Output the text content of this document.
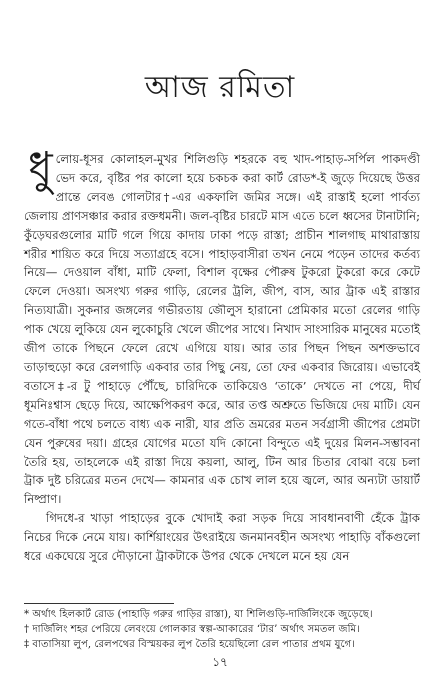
আজ রমিতা

ধুলোয়-ধূসর কোলাহল-মুখর শিলিগুড়ি শহরকে বহু খাদ-পাহাড়-সর্পিল পাকদণ্ডী ভেদ করে, বৃষ্টির পর কালো হয়ে চকচক করা কার্ট রোড*-ই জুড়ে দিয়েছে উত্তর প্রান্তে লেবঙ গোলটার†-এর একফালি জমির সঙ্গে। এই রাস্তাই হলো পার্বত্য জেলায় প্রাণসঞ্চার করার রক্তধমনী। জল-বৃষ্টির চারটে মাস এতে চলে ধ্বসের টানাটানি; কুঁড়েঘরগুলোর মাটি গলে গিয়ে কাদায় ঢাকা পড়ে রাস্তা; প্রাচীন শালগাছ মাথারাস্তায় শরীর শায়িত করে দিয়ে সত্যাগ্রহে বসে। পাহাড়বাসীরা তখন নেমে পড়েন তাদের কর্তব্য নিয়ে— দেওয়াল বাঁধা, মাটি ফেলা, বিশাল বৃক্ষের পৌরুষ টুকরো টুকরো করে কেটে ফেলে দেওয়া। অসংখ্য গরুর গাড়ি, রেলের ট্রলি, জীপ, বাস, আর ট্রাক এই রাস্তার নিত্যযাত্রী। সুকনার জঙ্গলের গভীরতায় জৌলুস হারানো প্রেমিকার মতো রেলের গাড়ি পাক খেয়ে লুকিয়ে যেন লুকোচুরি খেলে জীপের সাথে। নিখাদ সাংসারিক মানুষের মতোই জীপ তাকে পিছনে ফেলে রেখে এগিয়ে যায়। আর তার পিছন পিছন অশক্তভাবে তাড়াহুড়ো করে রেলগাড়ি একবার তার পিছু নেয়, তো ফের একবার জিরোয়। এভাবেই বতাসে‡-র টু পাহাড়ে পৌঁছে, চারিদিকে তাকিয়েও ‘তাকে’ দেখতে না পেয়ে, দীর্ঘ ধূমনিঃশ্বাস ছেড়ে দিয়ে, আক্ষেপিকরণ করে, আর তপ্ত অশ্রুতে ভিজিয়ে দেয় মাটি। যেন গতে-বাঁধা পথে চলতে বাধ্য এক নারী, যার প্রতি ভ্রমরের মতন সর্বগ্রাসী জীপের প্রেমটা যেন পুরুষের দয়া। গ্রহের যোগের মতো যদি কোনো বিন্দুতে এই দুয়ের মিলন-সম্ভাবনা তৈরি হয়, তাহলেকে এই রাস্তা দিয়ে কয়লা, আলু, টিন আর চিতার বোঝা বয়ে চলা ট্রাক দুষ্ট চরিত্রের মতন দেখে— কামনার এক চোখ লাল হয়ে জ্বলে, আর অন্যটা ডায়ার্ট নিষ্প্রাণ।

গিদধে-র খাড়া পাহাড়ের বুকে খোদাই করা সড়ক দিয়ে সাবধানবাণী হেঁকে ট্রাক নিচের দিকে নেমে যায়। কার্শিয়াংয়ের উৎরাইয়ে জনমানবহীন অসংখ্য পাহাড়ি বাঁকগুলো ধরে একঘেয়ে সুরে দৌড়ানো ট্রাকটাকে উপর থেকে দেখলে মনে হয় যেন

* অর্থাৎ হিলকার্ট রোড (পাহাড়ি গরুর গাড়ির রাস্তা), যা শিলিগুড়ি-দার্জিলিংকে জুড়েছে।

† দার্জিলিং শহর পেরিয়ে লেবংয়ে গোলকার স্বল্প-আকারের ‘টার’ অর্থাৎ সমতল জমি।

‡ বাতাসিয়া লুপ, রেলপথের বিস্ময়কর লুপ তৈরি হয়েছিলো রেল পাতার প্রথম যুগে।

১৭
